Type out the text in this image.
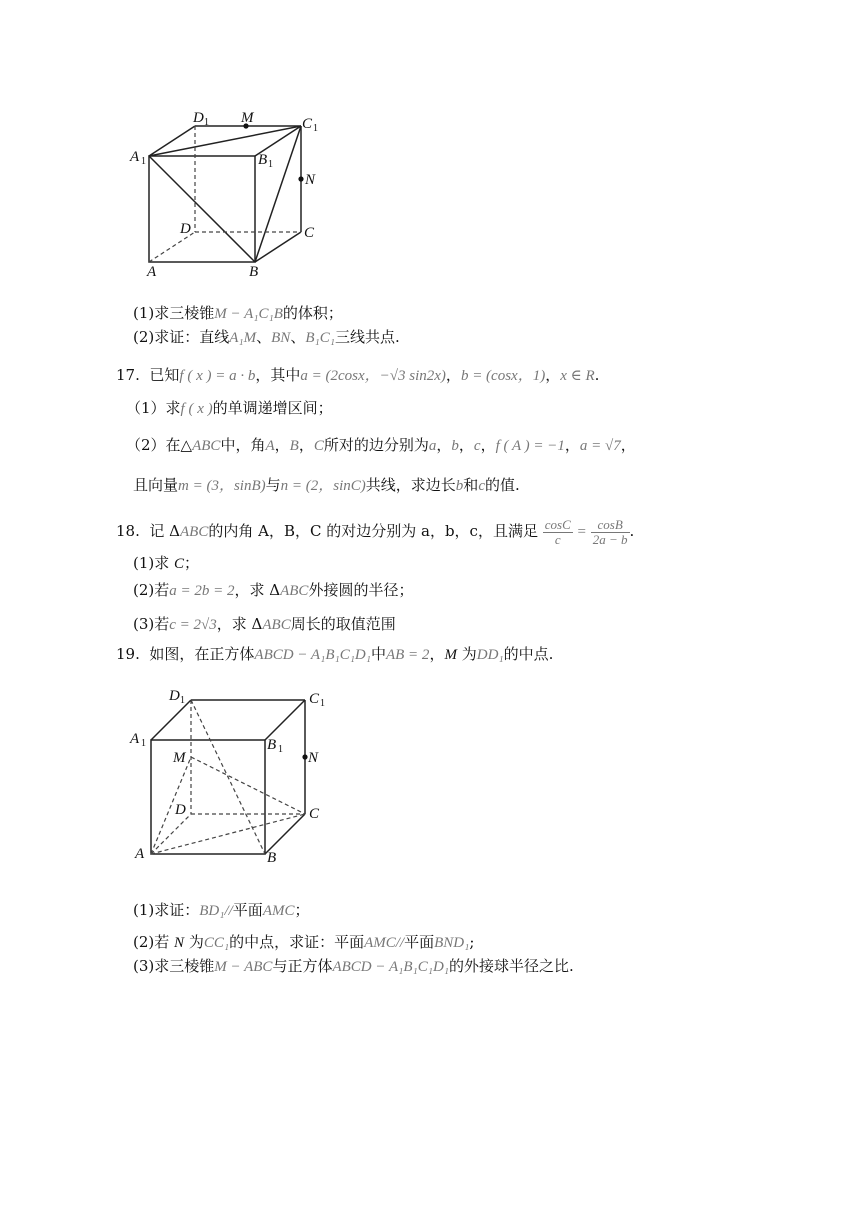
D 1 M	C 1
A 1	B 1
N
D	C
A	B
(1)求三棱锥M − A₁C₁B的体积；
(2)求证：直线A₁M、BN、B₁C₁三线共点.
17. 已知f ( x ) = a · b，其中a = (2cosx，−√3 sin2x)，b = (cosx，1)，x ∈ R.
（1）求f ( x )的单调递增区间；
（2）在△ABC中，角A，B，C所对的边分别为a，b，c，f ( A ) = −1，a = √7，
且向量m = (3，sinB)与n = (2，sinC)共线，求边长b和c的值.
18. 记 ΔABC的内角 A，B，C 的对边分别为 a，b，c，且满足 $\frac{\cos C}{c} = \frac{\cos B}{2a - b}$ .
(1)求 C；
(2)若a = 2b = 2，求 ΔABC外接圆的半径；
(3)若c = 2√3，求 ΔABC周长的取值范围
19. 如图，在正方体ABCD − A₁B₁C₁D₁中AB = 2，M 为DD₁的中点.
D 1	C 1
A 1	B 1
M	N
D	C
A	B
(1)求证：BD₁//平面AMC；
(2)若 N 为CC₁的中点，求证：平面AMC//平面BND₁;
(3)求三棱锥M − ABC与正方体ABCD − A₁B₁C₁D₁的外接球半径之比.
